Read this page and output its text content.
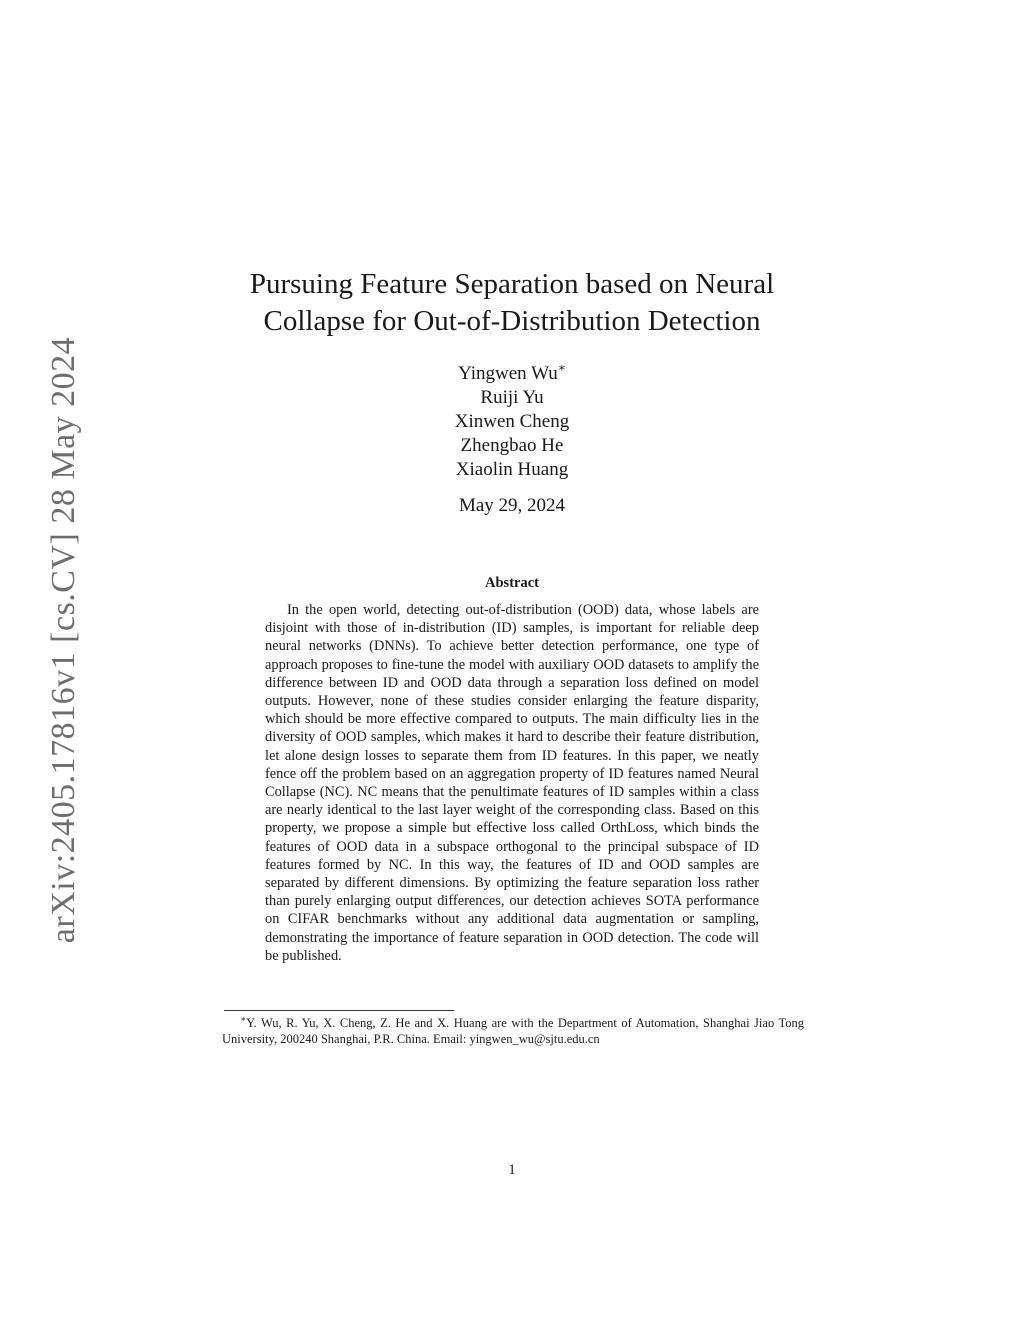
arXiv:2405.17816v1 [cs.CV] 28 May 2024
Pursuing Feature Separation based on Neural
Collapse for Out-of-Distribution Detection
Yingwen Wu∗
Ruiji Yu
Xinwen Cheng
Zhengbao He
Xiaolin Huang
May 29, 2024
Abstract

In the open world, detecting out-of-distribution (OOD) data, whose labels are disjoint with those of in-distribution (ID) samples, is important for reliable deep neural networks (DNNs). To achieve better detection performance, one type of approach proposes to fine-tune the model with auxiliary OOD datasets to amplify the difference between ID and OOD data through a separation loss defined on model outputs. However, none of these studies consider enlarging the feature disparity, which should be more effective compared to outputs. The main difficulty lies in the diversity of OOD samples, which makes it hard to describe their feature distribution, let alone design losses to separate them from ID features. In this paper, we neatly fence off the problem based on an aggregation property of ID features named Neural Collapse (NC). NC means that the penultimate features of ID samples within a class are nearly identical to the last layer weight of the corresponding class. Based on this property, we propose a simple but effective loss called OrthLoss, which binds the features of OOD data in a subspace orthogonal to the principal subspace of ID features formed by NC. In this way, the features of ID and OOD samples are separated by different dimensions. By optimizing the feature separation loss rather than purely enlarging output differences, our detection achieves SOTA performance on CIFAR benchmarks without any additional data augmentation or sampling, demonstrating the importance of feature separation in OOD detection. The code will be published.

∗Y. Wu, R. Yu, X. Cheng, Z. He and X. Huang are with the Department of Automation, Shanghai Jiao Tong University, 200240 Shanghai, P.R. China. Email: yingwen_wu@sjtu.edu.cn

1
